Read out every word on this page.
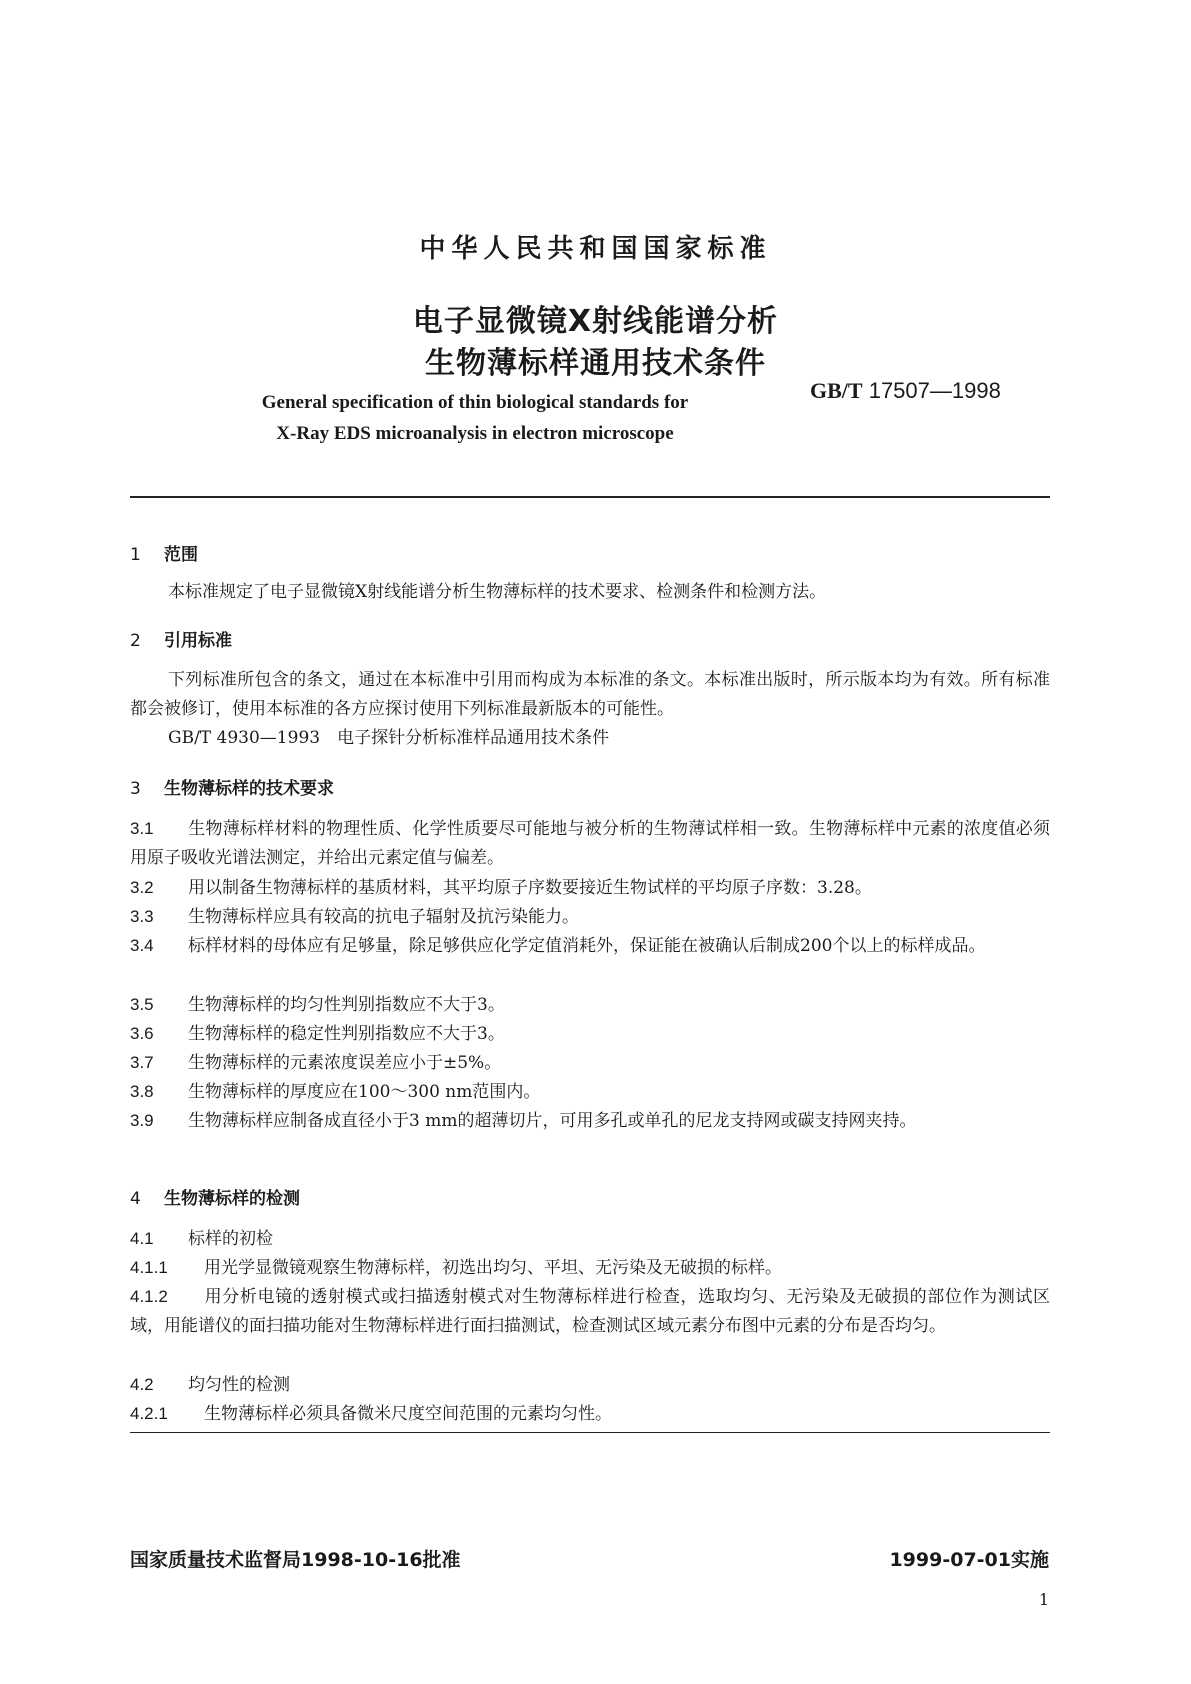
中华人民共和国国家标准
电子显微镜X射线能谱分析
生物薄标样通用技术条件
GB/T 17507—1998
General specification of thin biological standards for
X-Ray EDS microanalysis in electron microscope
1 范围
本标准规定了电子显微镜X射线能谱分析生物薄标样的技术要求、检测条件和检测方法。
2 引用标准
下列标准所包含的条文，通过在本标准中引用而构成为本标准的条文。本标准出版时，所示版本均为有效。所有标准都会被修订，使用本标准的各方应探讨使用下列标准最新版本的可能性。
GB/T 4930—1993　电子探针分析标准样品通用技术条件
3 生物薄标样的技术要求
3.1 生物薄标样材料的物理性质、化学性质要尽可能地与被分析的生物薄试样相一致。生物薄标样中元素的浓度值必须用原子吸收光谱法测定，并给出元素定值与偏差。
3.2 用以制备生物薄标样的基质材料，其平均原子序数要接近生物试样的平均原子序数：3.28。
3.3 生物薄标样应具有较高的抗电子辐射及抗污染能力。
3.4 标样材料的母体应有足够量，除足够供应化学定值消耗外，保证能在被确认后制成200个以上的标样成品。
3.5 生物薄标样的均匀性判别指数应不大于3。
3.6 生物薄标样的稳定性判别指数应不大于3。
3.7 生物薄标样的元素浓度误差应小于±5%。
3.8 生物薄标样的厚度应在100～300 nm范围内。
3.9 生物薄标样应制备成直径小于3 mm的超薄切片，可用多孔或单孔的尼龙支持网或碳支持网夹持。
4 生物薄标样的检测
4.1 标样的初检
4.1.1 用光学显微镜观察生物薄标样，初选出均匀、平坦、无污染及无破损的标样。
4.1.2 用分析电镜的透射模式或扫描透射模式对生物薄标样进行检查，选取均匀、无污染及无破损的部位作为测试区域，用能谱仪的面扫描功能对生物薄标样进行面扫描测试，检查测试区域元素分布图中元素的分布是否均匀。
4.2 均匀性的检测
4.2.1 生物薄标样必须具备微米尺度空间范围的元素均匀性。
国家质量技术监督局1998-10-16批准	1999-07-01实施
1
